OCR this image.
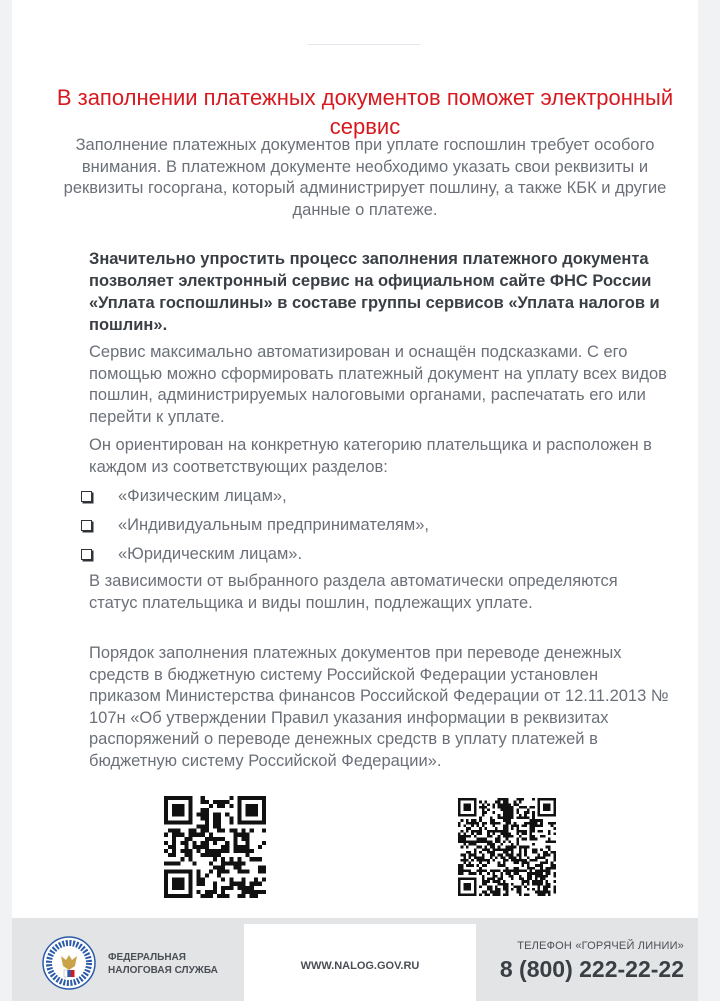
В заполнении платежных документов поможет электронный сервис
Заполнение платежных документов при уплате госпошлин требует особого внимания. В платежном документе необходимо указать свои реквизиты и реквизиты госоргана, который администрирует пошлину, а также КБК и другие данные о платеже.
Значительно упростить процесс заполнения платежного документа позволяет электронный сервис на официальном сайте ФНС России «Уплата госпошлины» в составе группы сервисов «Уплата налогов и пошлин».
Сервис максимально автоматизирован и оснащён подсказками. С его помощью можно сформировать платежный документ на уплату всех видов пошлин, администрируемых налоговыми органами, распечатать его или перейти к уплате.
Он ориентирован на конкретную категорию плательщика и расположен в каждом из соответствующих разделов:
«Физическим лицам»,
«Индивидуальным предпринимателям»,
«Юридическим лицам».
В зависимости от выбранного раздела автоматически определяются статус плательщика и виды пошлин, подлежащих уплате.
Порядок заполнения платежных документов при переводе денежных средств в бюджетную систему Российской Федерации установлен приказом Министерства финансов Российской Федерации от 12.11.2013 № 107н «Об утверждении Правил указания информации в реквизитах распоряжений о переводе денежных средств в уплату платежей в бюджетную систему Российской Федерации».
ФЕДЕРАЛЬНАЯ
НАЛОГОВАЯ СЛУЖБА	WWW.NALOG.GOV.RU
ТЕЛЕФОН «ГОРЯЧЕЙ ЛИНИИ»
8 (800) 222-22-22
